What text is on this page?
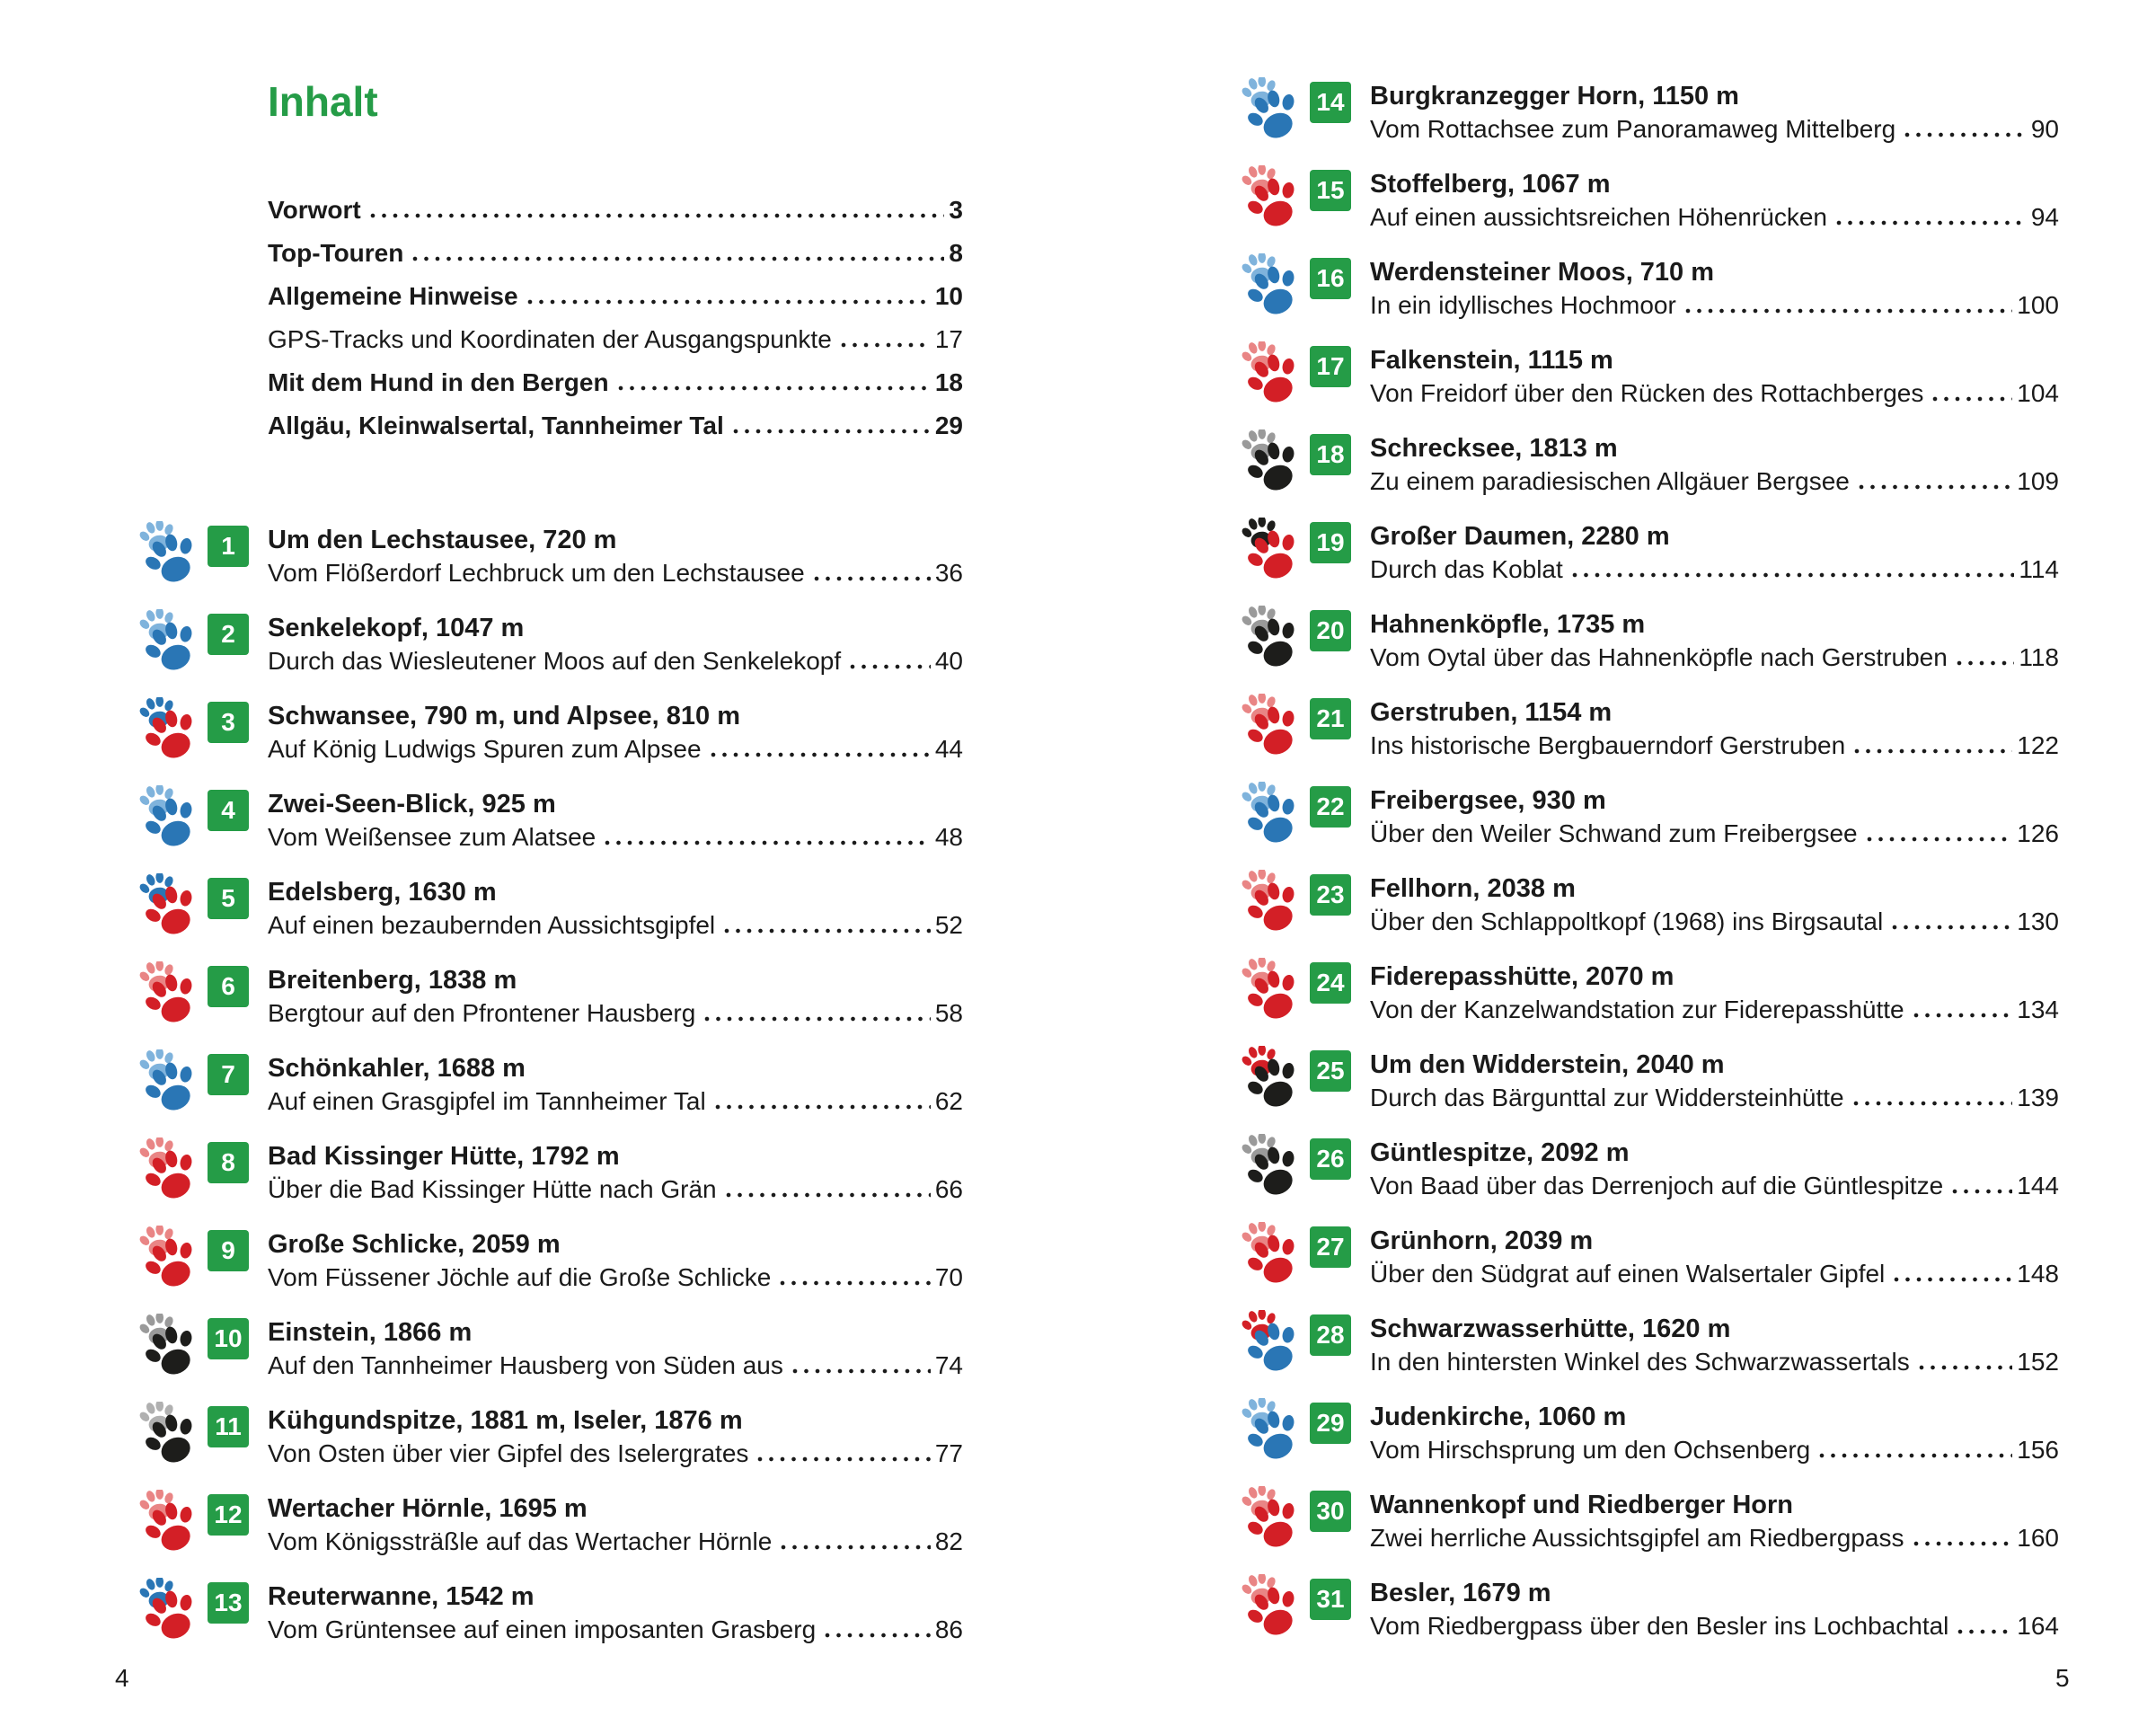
Inhalt
Vorwort	3
Top-Touren	8
Allgemeine Hinweise	10
GPS-Tracks und Koordinaten der Ausgangspunkte	17
Mit dem Hund in den Bergen	18
Allgäu, Kleinwalsertal, Tannheimer Tal	29
1	Um den Lechstausee, 720 m
Vom Flößerdorf Lechbruck um den Lechstausee	36
2	Senkelekopf, 1047 m
Durch das Wiesleutener Moos auf den Senkelekopf	40
3	Schwansee, 790 m, und Alpsee, 810 m
Auf König Ludwigs Spuren zum Alpsee	44
4	Zwei-Seen-Blick, 925 m
Vom Weißensee zum Alatsee	48
5	Edelsberg, 1630 m
Auf einen bezaubernden Aussichtsgipfel	52
6	Breitenberg, 1838 m
Bergtour auf den Pfrontener Hausberg	58
7	Schönkahler, 1688 m
Auf einen Grasgipfel im Tannheimer Tal	62
8	Bad Kissinger Hütte, 1792 m
Über die Bad Kissinger Hütte nach Grän	66
9	Große Schlicke, 2059 m
Vom Füssener Jöchle auf die Große Schlicke	70
10 Einstein, 1866 m
Auf den Tannheimer Hausberg von Süden aus	74
11 Kühgundspitze, 1881 m, Iseler, 1876 m
Von Osten über vier Gipfel des Iselergrates	77
12 Wertacher Hörnle, 1695 m
Vom Königssträßle auf das Wertacher Hörnle	82
13 Reuterwanne, 1542 m
Vom Grüntensee auf einen imposanten Grasberg	86
14 Burgkranzegger Horn, 1150 m
Vom Rottachsee zum Panoramaweg Mittelberg	90
15 Stoffelberg, 1067 m
Auf einen aussichtsreichen Höhenrücken	94
16 Werdensteiner Moos, 710 m
In ein idyllisches Hochmoor	100
17 Falkenstein, 1115 m
Von Freidorf über den Rücken des Rottachberges	104
18 Schrecksee, 1813 m
Zu einem paradiesischen Allgäuer Bergsee	109
19 Großer Daumen, 2280 m
Durch das Koblat	114
20 Hahnenköpfle, 1735 m
Vom Oytal über das Hahnenköpfle nach Gerstruben	118
21 Gerstruben, 1154 m
Ins historische Bergbauerndorf Gerstruben	122
22 Freibergsee, 930 m
Über den Weiler Schwand zum Freibergsee	126
23 Fellhorn, 2038 m
Über den Schlappoltkopf (1968) ins Birgsautal	130
24 Fiderepasshütte, 2070 m
Von der Kanzelwandstation zur Fiderepasshütte	134
25 Um den Widderstein, 2040 m
Durch das Bärgunttal zur Widdersteinhütte	139
26 Güntlespitze, 2092 m
Von Baad über das Derrenjoch auf die Güntlespitze	144
27 Grünhorn, 2039 m
Über den Südgrat auf einen Walsertaler Gipfel	148
28 Schwarzwasserhütte, 1620 m
In den hintersten Winkel des Schwarzwassertals	152
29 Judenkirche, 1060 m
Vom Hirschsprung um den Ochsenberg	156
30 Wannenkopf und Riedberger Horn
Zwei herrliche Aussichtsgipfel am Riedbergpass	160
31 Besler, 1679 m
Vom Riedbergpass über den Besler ins Lochbachtal	164
4	5
